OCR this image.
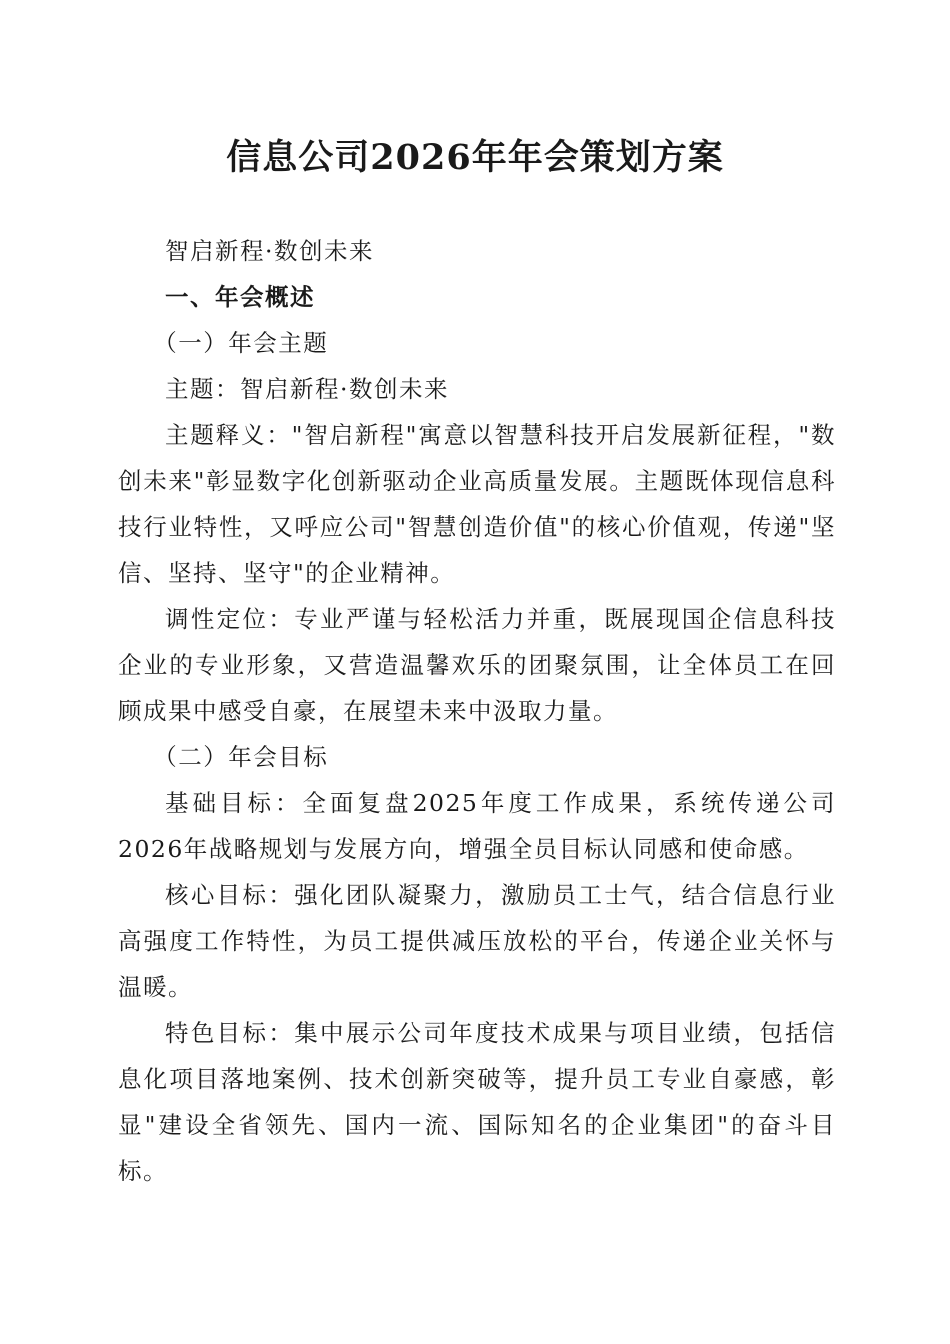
信息公司2026年年会策划方案

智启新程·数创未来

一、年会概述

（一）年会主题

主题：智启新程·数创未来

主题释义："智启新程"寓意以智慧科技开启发展新征程，"数创未来"彰显数字化创新驱动企业高质量发展。主题既体现信息科技行业特性，又呼应公司"智慧创造价值"的核心价值观，传递"坚信、坚持、坚守"的企业精神。

调性定位：专业严谨与轻松活力并重，既展现国企信息科技企业的专业形象，又营造温馨欢乐的团聚氛围，让全体员工在回顾成果中感受自豪，在展望未来中汲取力量。

（二）年会目标

基础目标：全面复盘2025年度工作成果，系统传递公司2026年战略规划与发展方向，增强全员目标认同感和使命感。

核心目标：强化团队凝聚力，激励员工士气，结合信息行业高强度工作特性，为员工提供减压放松的平台，传递企业关怀与温暖。

特色目标：集中展示公司年度技术成果与项目业绩，包括信息化项目落地案例、技术创新突破等，提升员工专业自豪感，彰显"建设全省领先、国内一流、国际知名的企业集团"的奋斗目标。
